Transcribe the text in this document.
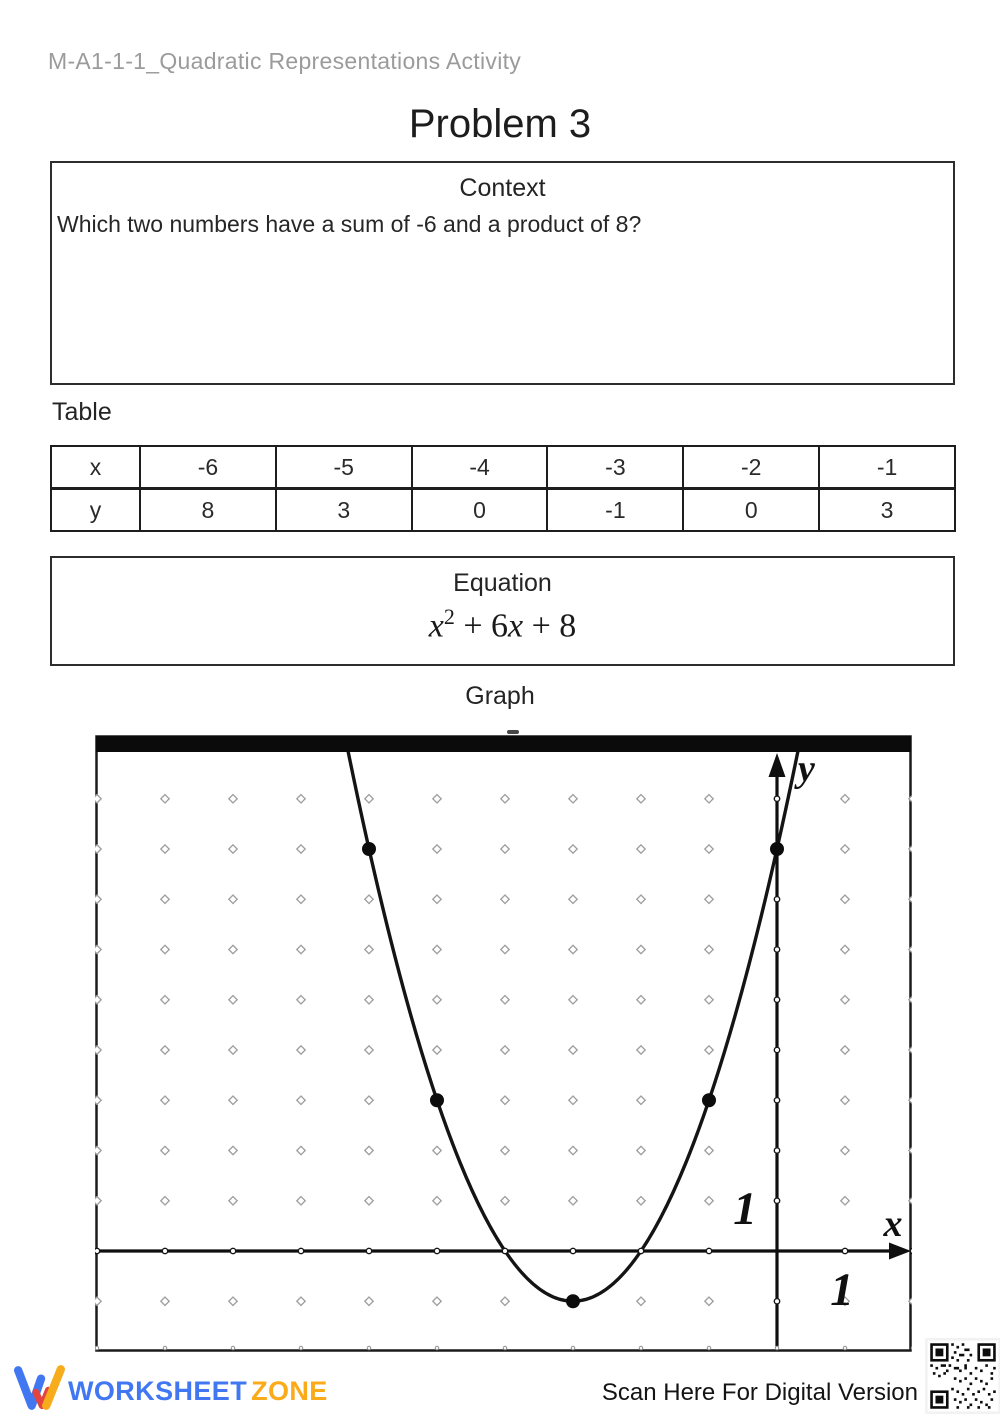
M-A1-1-1_Quadratic Representations Activity
Problem 3
Context
Which two numbers have a sum of -6 and a product of 8?
Table
x	-6	-5	-4	-3	-2	-1
y	8	3	0	-1	0	3
Equation
$x^2 + 6x + 8$
Graph
y
x
1
1
WORKSHEET ZONE	Scan Here For Digital Version
